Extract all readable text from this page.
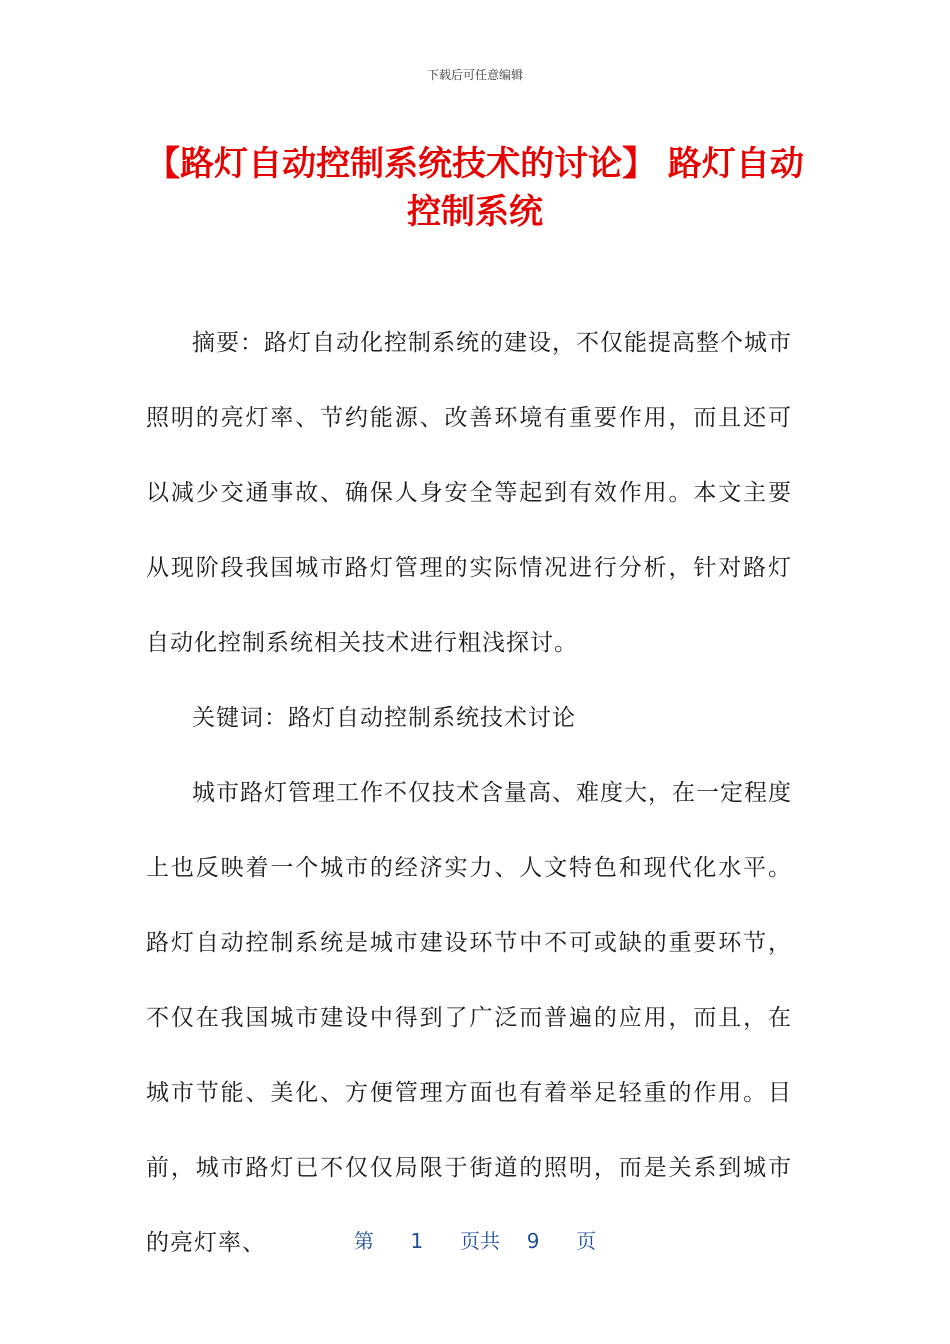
下载后可任意编辑
【路灯自动控制系统技术的讨论】 路灯自动控制系统

摘要：路灯自动化控制系统的建设，不仅能提高整个城市照明的亮灯率、节约能源、改善环境有重要作用，而且还可以减少交通事故、确保人身安全等起到有效作用。本文主要从现阶段我国城市路灯管理的实际情况进行分析，针对路灯自动化控制系统相关技术进行粗浅探讨。

关键词：路灯自动控制系统技术讨论

城市路灯管理工作不仅技术含量高、难度大，在一定程度上也反映着一个城市的经济实力、人文特色和现代化水平。路灯自动控制系统是城市建设环节中不可或缺的重要环节，不仅在我国城市建设中得到了广泛而普遍的应用，而且，在城市节能、美化、方便管理方面也有着举足轻重的作用。目前，城市路灯已不仅仅局限于街道的照明，而是关系到城市的亮灯率、	第 1 页共 9 页
